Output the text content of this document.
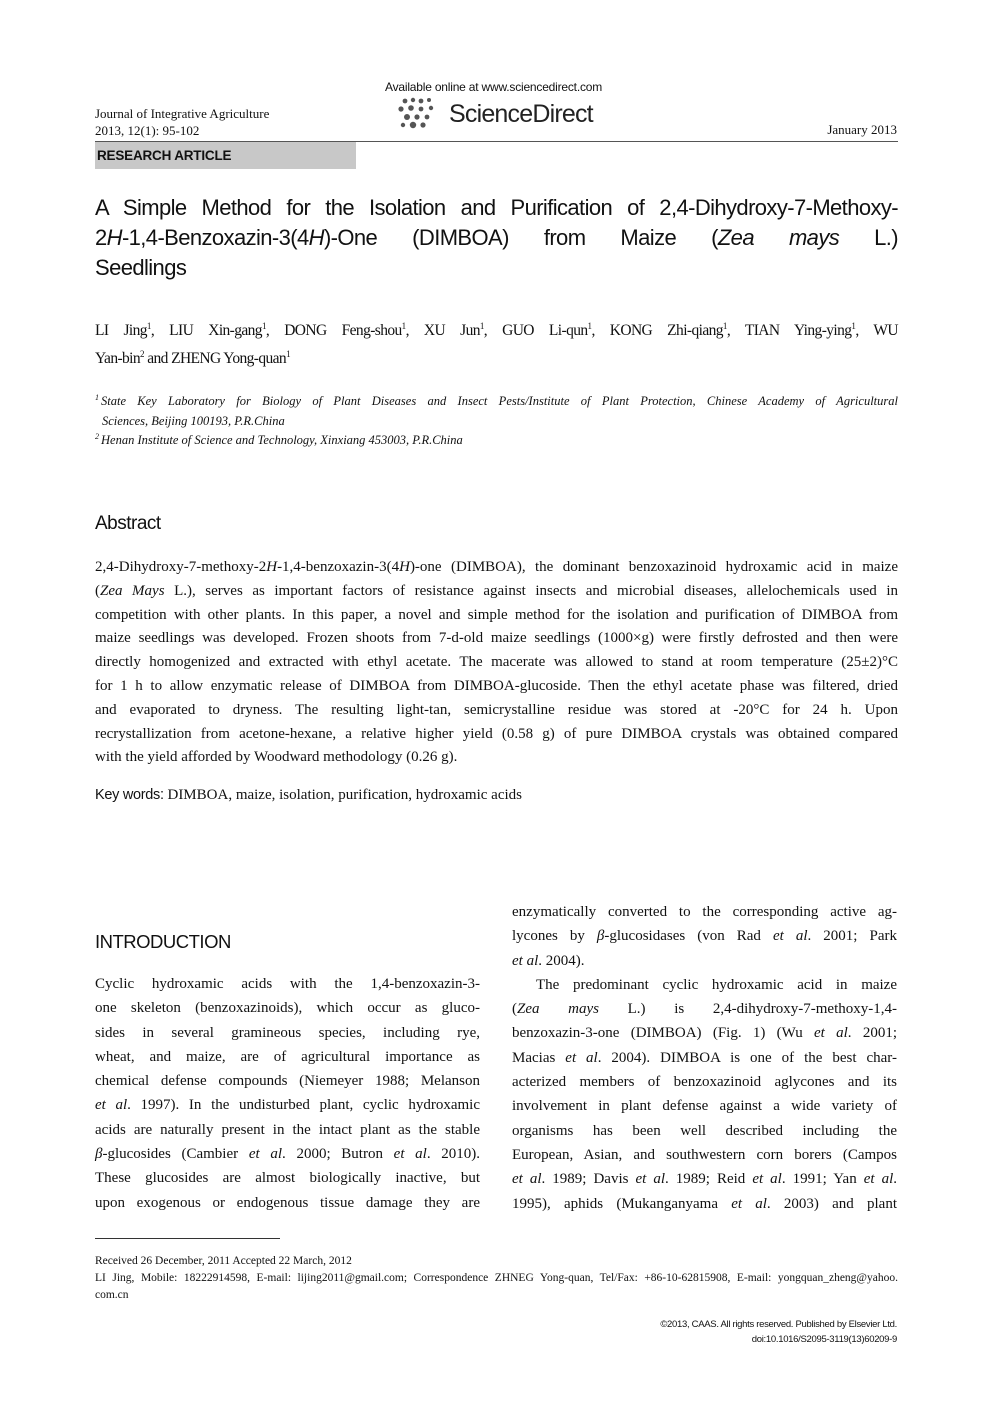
Journal of Integrative Agriculture
2013, 12(1): 95-102
Available online at www.sciencedirect.com
ScienceDirect
January 2013
RESEARCH ARTICLE
A Simple Method for the Isolation and Purification of 2,4-Dihydroxy-7-Methoxy-
2H-1,4-Benzoxazin-3(4H)-One (DIMBOA) from Maize (Zea mays L.)
Seedlings
LI Jing$^1$, LIU Xin-gang$^1$, DONG Feng-shou$^1$, XU Jun$^1$, GUO Li-qun$^1$, KONG Zhi-qiang$^1$, TIAN Ying-ying$^1$, WU
Yan-bin$^2$ and ZHENG Yong-quan$^1$
$^1$ State Key Laboratory for Biology of Plant Diseases and Insect Pests/Institute of Plant Protection, Chinese Academy of Agricultural
Sciences, Beijing 100193, P.R.China
$^2$ Henan Institute of Science and Technology, Xinxiang 453003, P.R.China
Abstract
2,4-Dihydroxy-7-methoxy-2H-1,4-benzoxazin-3(4H)-one (DIMBOA), the dominant benzoxazinoid hydroxamic acid in maize
(Zea Mays L.), serves as important factors of resistance against insects and microbial diseases, allelochemicals used in
competition with other plants. In this paper, a novel and simple method for the isolation and purification of DIMBOA from
maize seedlings was developed. Frozen shoots from 7-d-old maize seedlings (1000×g) were firstly defrosted and then were
directly homogenized and extracted with ethyl acetate. The macerate was allowed to stand at room temperature (25±2)°C
for 1 h to allow enzymatic release of DIMBOA from DIMBOA-glucoside. Then the ethyl acetate phase was filtered, dried
and evaporated to dryness. The resulting light-tan, semicrystalline residue was stored at -20°C for 24 h. Upon
recrystallization from acetone-hexane, a relative higher yield (0.58 g) of pure DIMBOA crystals was obtained compared
with the yield afforded by Woodward methodology (0.26 g).
Key words: DIMBOA, maize, isolation, purification, hydroxamic acids
INTRODUCTION
Cyclic hydroxamic acids with the 1,4-benzoxazin-3-
one skeleton (benzoxazinoids), which occur as gluco-
sides in several gramineous species, including rye,
wheat, and maize, are of agricultural importance as
chemical defense compounds (Niemeyer 1988; Melanson
et al. 1997). In the undisturbed plant, cyclic hydroxamic
acids are naturally present in the intact plant as the stable
β-glucosides (Cambier et al. 2000; Butron et al. 2010).
These glucosides are almost biologically inactive, but
upon exogenous or endogenous tissue damage they are
enzymatically converted to the corresponding active ag-
lycones by β-glucosidases (von Rad et al. 2001; Park
et al. 2004).
The predominant cyclic hydroxamic acid in maize
(Zea mays L.) is 2,4-dihydroxy-7-methoxy-1,4-
benzoxazin-3-one (DIMBOA) (Fig. 1) (Wu et al. 2001;
Macias et al. 2004). DIMBOA is one of the best char-
acterized members of benzoxazinoid aglycones and its
involvement in plant defense against a wide variety of
organisms has been well described including the
European, Asian, and southwestern corn borers (Campos
et al. 1989; Davis et al. 1989; Reid et al. 1991; Yan et al.
1995), aphids (Mukanganyama et al. 2003) and plant
Received 26 December, 2011 Accepted 22 March, 2012
LI Jing, Mobile: 18222914598, E-mail: lijing2011@gmail.com; Correspondence ZHNEG Yong-quan, Tel/Fax: +86-10-62815908, E-mail: yongquan_zheng@yahoo.
com.cn
©2013, CAAS. All rights reserved. Published by Elsevier Ltd.
doi:10.1016/S2095-3119(13)60209-9
